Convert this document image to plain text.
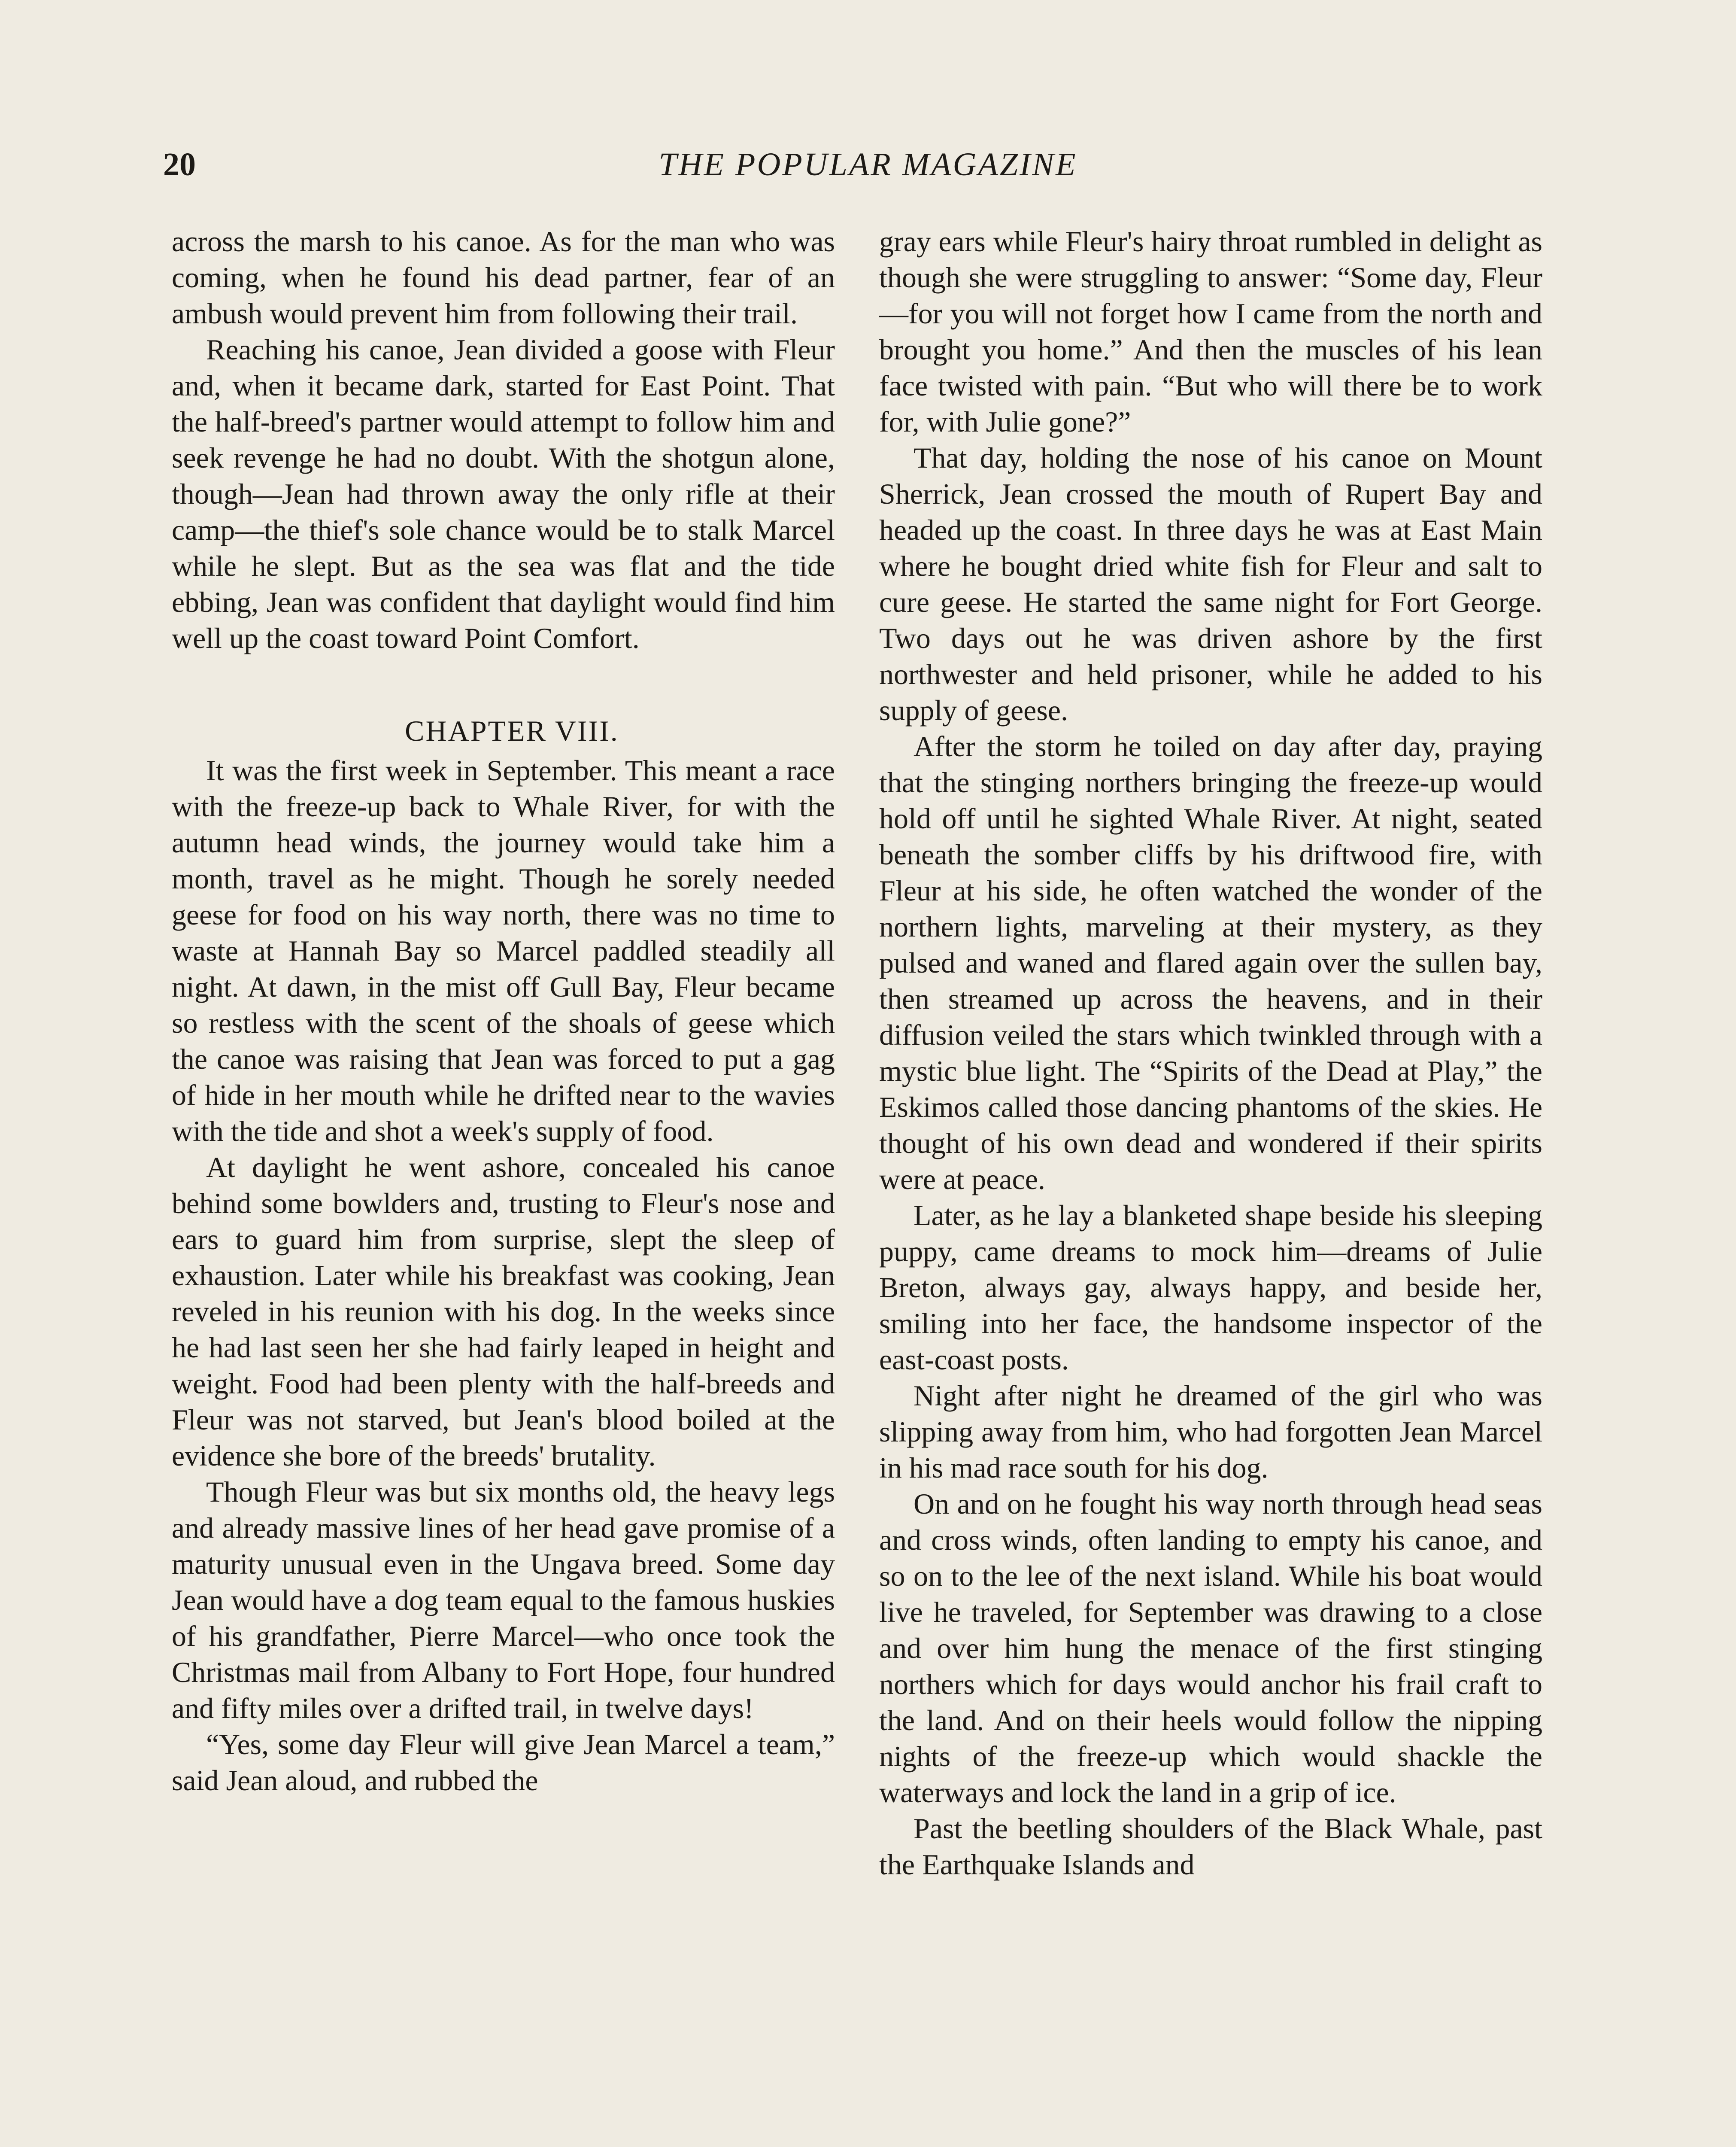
20	THE POPULAR MAGAZINE

across the marsh to his canoe. As for the man who was coming, when he found his dead partner, fear of an ambush would prevent him from following their trail.

Reaching his canoe, Jean divided a goose with Fleur and, when it became dark, started for East Point. That the half-breed's partner would attempt to follow him and seek revenge he had no doubt. With the shotgun alone, though—Jean had thrown away the only rifle at their camp—the thief's sole chance would be to stalk Marcel while he slept. But as the sea was flat and the tide ebbing, Jean was confident that daylight would find him well up the coast toward Point Comfort.

CHAPTER VIII.

It was the first week in September. This meant a race with the freeze-up back to Whale River, for with the autumn head winds, the journey would take him a month, travel as he might. Though he sorely needed geese for food on his way north, there was no time to waste at Hannah Bay so Marcel paddled steadily all night. At dawn, in the mist off Gull Bay, Fleur became so restless with the scent of the shoals of geese which the canoe was raising that Jean was forced to put a gag of hide in her mouth while he drifted near to the wavies with the tide and shot a week's supply of food.

At daylight he went ashore, concealed his canoe behind some bowlders and, trusting to Fleur's nose and ears to guard him from surprise, slept the sleep of exhaustion. Later while his breakfast was cooking, Jean reveled in his reunion with his dog. In the weeks since he had last seen her she had fairly leaped in height and weight. Food had been plenty with the half-breeds and Fleur was not starved, but Jean's blood boiled at the evidence she bore of the breeds' brutality.

Though Fleur was but six months old, the heavy legs and already massive lines of her head gave promise of a maturity unusual even in the Ungava breed. Some day Jean would have a dog team equal to the famous huskies of his grandfather, Pierre Marcel—who once took the Christmas mail from Albany to Fort Hope, four hundred and fifty miles over a drifted trail, in twelve days!

“Yes, some day Fleur will give Jean Marcel a team,” said Jean aloud, and rubbed the

gray ears while Fleur's hairy throat rumbled in delight as though she were struggling to answer: “Some day, Fleur—for you will not forget how I came from the north and brought you home.” And then the muscles of his lean face twisted with pain. “But who will there be to work for, with Julie gone?”

That day, holding the nose of his canoe on Mount Sherrick, Jean crossed the mouth of Rupert Bay and headed up the coast. In three days he was at East Main where he bought dried white fish for Fleur and salt to cure geese. He started the same night for Fort George. Two days out he was driven ashore by the first northwester and held prisoner, while he added to his supply of geese.

After the storm he toiled on day after day, praying that the stinging northers bringing the freeze-up would hold off until he sighted Whale River. At night, seated beneath the somber cliffs by his driftwood fire, with Fleur at his side, he often watched the wonder of the northern lights, marveling at their mystery, as they pulsed and waned and flared again over the sullen bay, then streamed up across the heavens, and in their diffusion veiled the stars which twinkled through with a mystic blue light. The “Spirits of the Dead at Play,” the Eskimos called those dancing phantoms of the skies. He thought of his own dead and wondered if their spirits were at peace.

Later, as he lay a blanketed shape beside his sleeping puppy, came dreams to mock him—dreams of Julie Breton, always gay, always happy, and beside her, smiling into her face, the handsome inspector of the east-coast posts.

Night after night he dreamed of the girl who was slipping away from him, who had forgotten Jean Marcel in his mad race south for his dog.

On and on he fought his way north through head seas and cross winds, often landing to empty his canoe, and so on to the lee of the next island. While his boat would live he traveled, for September was drawing to a close and over him hung the menace of the first stinging northers which for days would anchor his frail craft to the land. And on their heels would follow the nipping nights of the freeze-up which would shackle the waterways and lock the land in a grip of ice.

Past the beetling shoulders of the Black Whale, past the Earthquake Islands and
